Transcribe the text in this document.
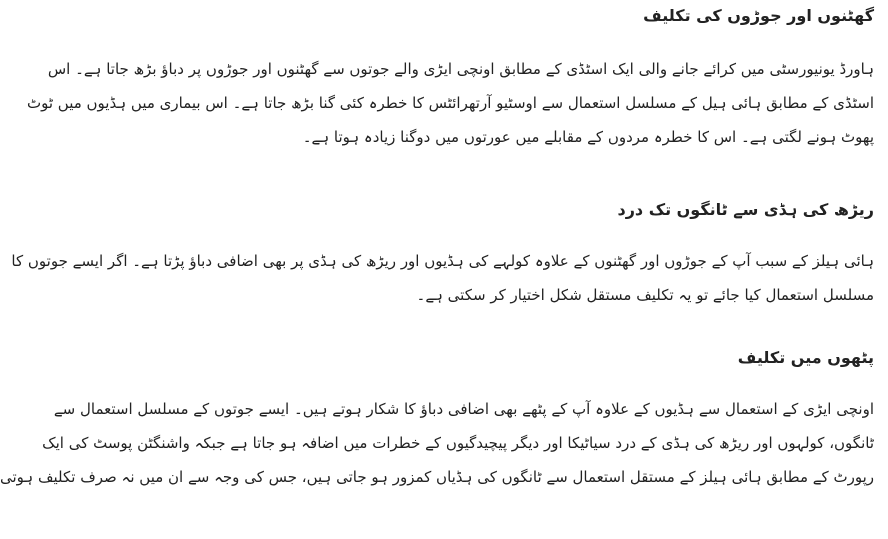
گھٹنوں اور جوڑوں کی تکلیف
ہاورڈ یونیورسٹی میں کرائے جانے والی ایک اسٹڈی کے مطابق اونچی ایڑی والے جوتوں سے گھٹنوں اور جوڑوں پر دباؤ بڑھ جاتا ہے۔ اس
اسٹڈی کے مطابق ہائی ہیل کے مسلسل استعمال سے اوسٹیو آرتھرائٹس کا خطرہ کئی گنا بڑھ جاتا ہے۔ اس بیماری میں ہڈیوں میں ٹوٹ
پھوٹ ہونے لگتی ہے۔ اس کا خطرہ مردوں کے مقابلے میں عورتوں میں دوگنا زیادہ ہوتا ہے۔
ریڑھ کی ہڈی سے ٹانگوں تک درد
ہائی ہیلز کے سبب آپ کے جوڑوں اور گھٹنوں کے علاوہ کولہے کی ہڈیوں اور ریڑھ کی ہڈی پر بھی اضافی دباؤ پڑتا ہے۔ اگر ایسے جوتوں کا
مسلسل استعمال کیا جائے تو یہ تکلیف مستقل شکل اختیار کر سکتی ہے۔
پٹھوں میں تکلیف
اونچی ایڑی کے استعمال سے ہڈیوں کے علاوہ آپ کے پٹھے بھی اضافی دباؤ کا شکار ہوتے ہیں۔ ایسے جوتوں کے مسلسل استعمال سے
ٹانگوں، کولہوں اور ریڑھ کی ہڈی کے درد سیاٹیکا اور دیگر پیچیدگیوں کے خطرات میں اضافہ ہو جاتا ہے جبکہ واشنگٹن پوسٹ کی ایک
رپورٹ کے مطابق ہائی ہیلز کے مستقل استعمال سے ٹانگوں کی ہڈیاں کمزور ہو جاتی ہیں، جس کی وجہ سے ان میں نہ صرف تکلیف ہوتی
